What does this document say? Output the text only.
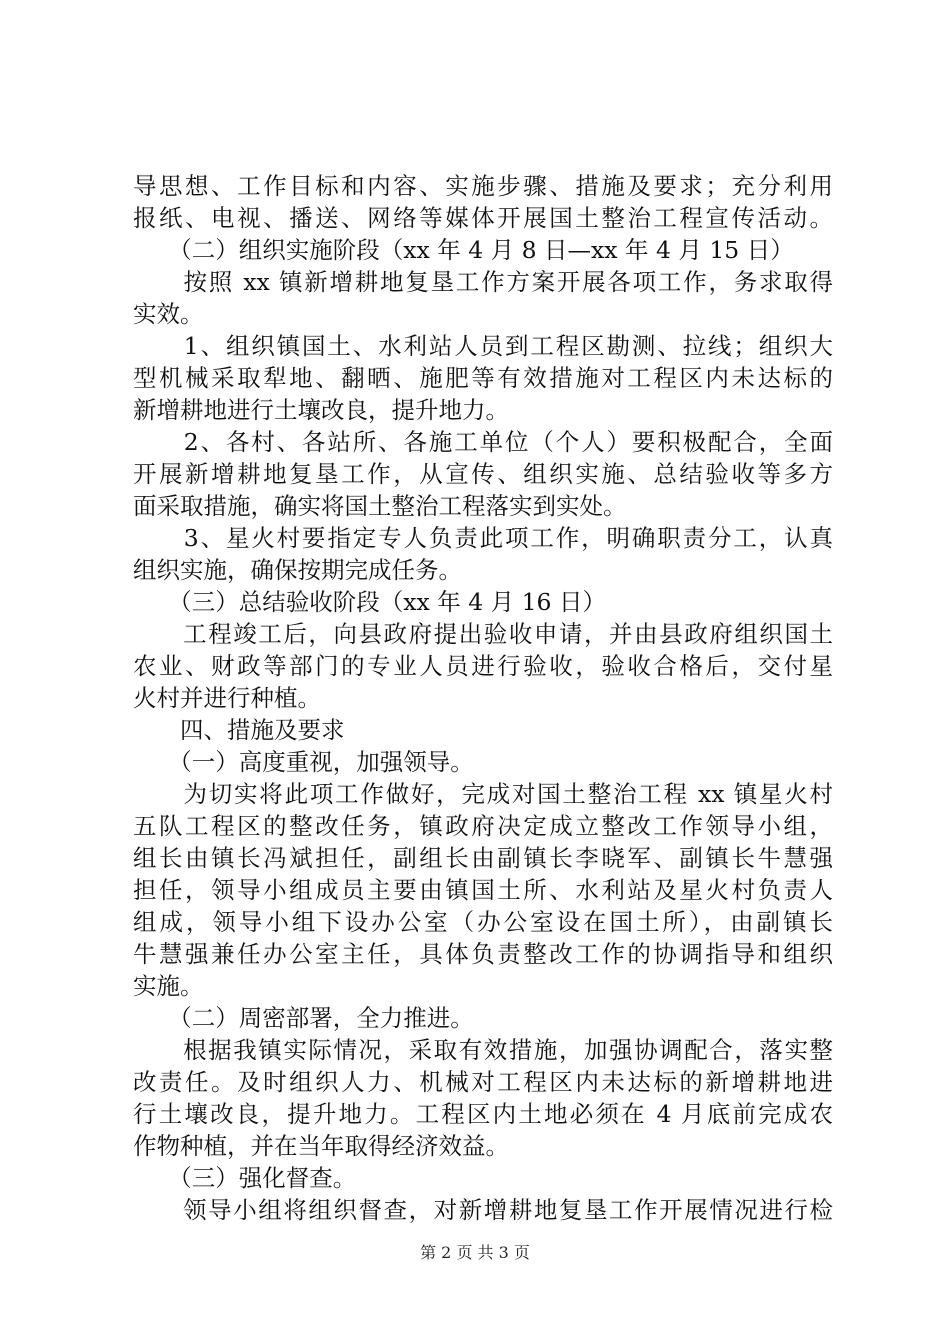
导思想、工作目标和内容、实施步骤、措施及要求；充分利用
报纸、电视、播送、网络等媒体开展国土整治工程宣传活动。
　　（二）组织实施阶段（xx 年 4 月 8 日—xx 年 4 月 15 日）
　　按照 xx 镇新增耕地复垦工作方案开展各项工作，务求取得
实效。
　　1、组织镇国土、水利站人员到工程区勘测、拉线；组织大
型机械采取犁地、翻晒、施肥等有效措施对工程区内未达标的
新增耕地进行土壤改良，提升地力。
　　2、各村、各站所、各施工单位（个人）要积极配合，全面
开展新增耕地复垦工作，从宣传、组织实施、总结验收等多方
面采取措施，确实将国土整治工程落实到实处。
　　3、星火村要指定专人负责此项工作，明确职责分工，认真
组织实施，确保按期完成任务。
　　（三）总结验收阶段（xx 年 4 月 16 日）
　　工程竣工后，向县政府提出验收申请，并由县政府组织国土
农业、财政等部门的专业人员进行验收，验收合格后，交付星
火村并进行种植。
　　四、措施及要求
　　（一）高度重视，加强领导。
　　为切实将此项工作做好，完成对国土整治工程 xx 镇星火村
五队工程区的整改任务，镇政府决定成立整改工作领导小组，
组长由镇长冯斌担任，副组长由副镇长李晓军、副镇长牛慧强
担任，领导小组成员主要由镇国土所、水利站及星火村负责人
组成，领导小组下设办公室（办公室设在国土所），由副镇长
牛慧强兼任办公室主任，具体负责整改工作的协调指导和组织
实施。
　　（二）周密部署，全力推进。
　　根据我镇实际情况，采取有效措施，加强协调配合，落实整
改责任。及时组织人力、机械对工程区内未达标的新增耕地进
行土壤改良，提升地力。工程区内土地必须在 4 月底前完成农
作物种植，并在当年取得经济效益。
　　（三）强化督查。
　　领导小组将组织督查，对新增耕地复垦工作开展情况进行检
第 2 页 共 3 页
